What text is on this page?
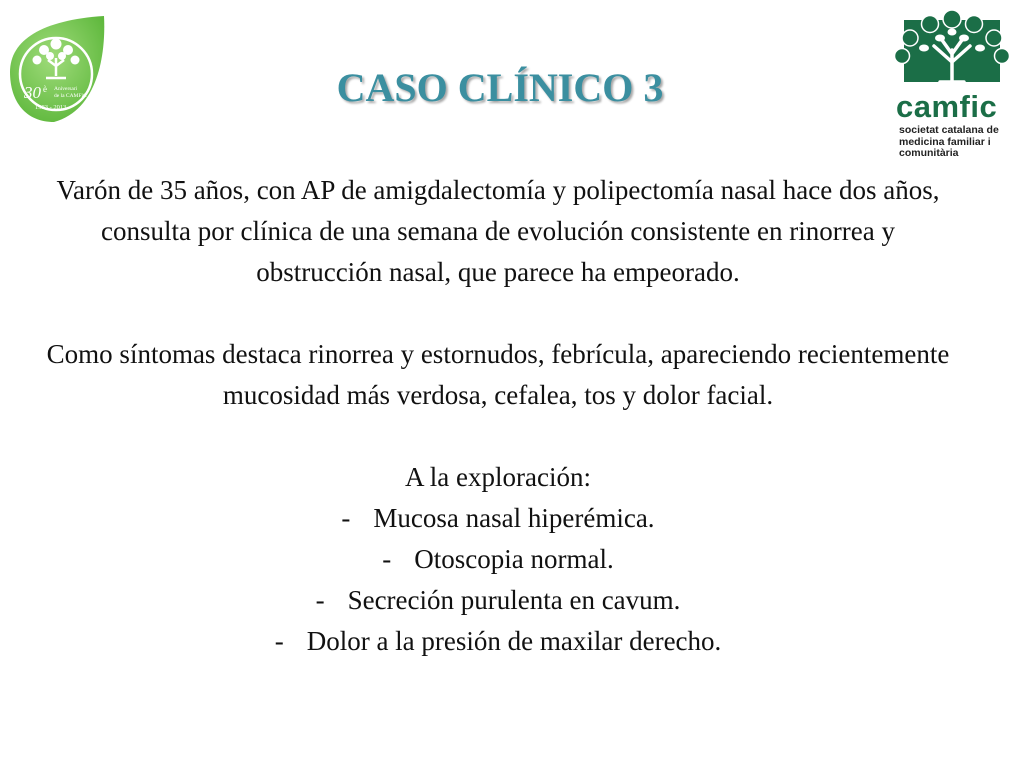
30 è Aniversari
de la CAMFiC
1983 - 2013	camfic
societat catalana de
medicina familiar i
comunitària
CASO CLÍNICO 3

Varón de 35 años, con AP de amigdalectomía y polipectomía nasal hace dos años, consulta por clínica de una semana de evolución consistente en rinorrea y obstrucción nasal, que parece ha empeorado.

Como síntomas destaca rinorrea y estornudos, febrícula, apareciendo recientemente mucosidad más verdosa, cefalea, tos y dolor facial.

A la exploración:

- Mucosa nasal hiperémica.
- Otoscopia normal.
- Secreción purulenta en cavum.
- Dolor a la presión de maxilar derecho.
